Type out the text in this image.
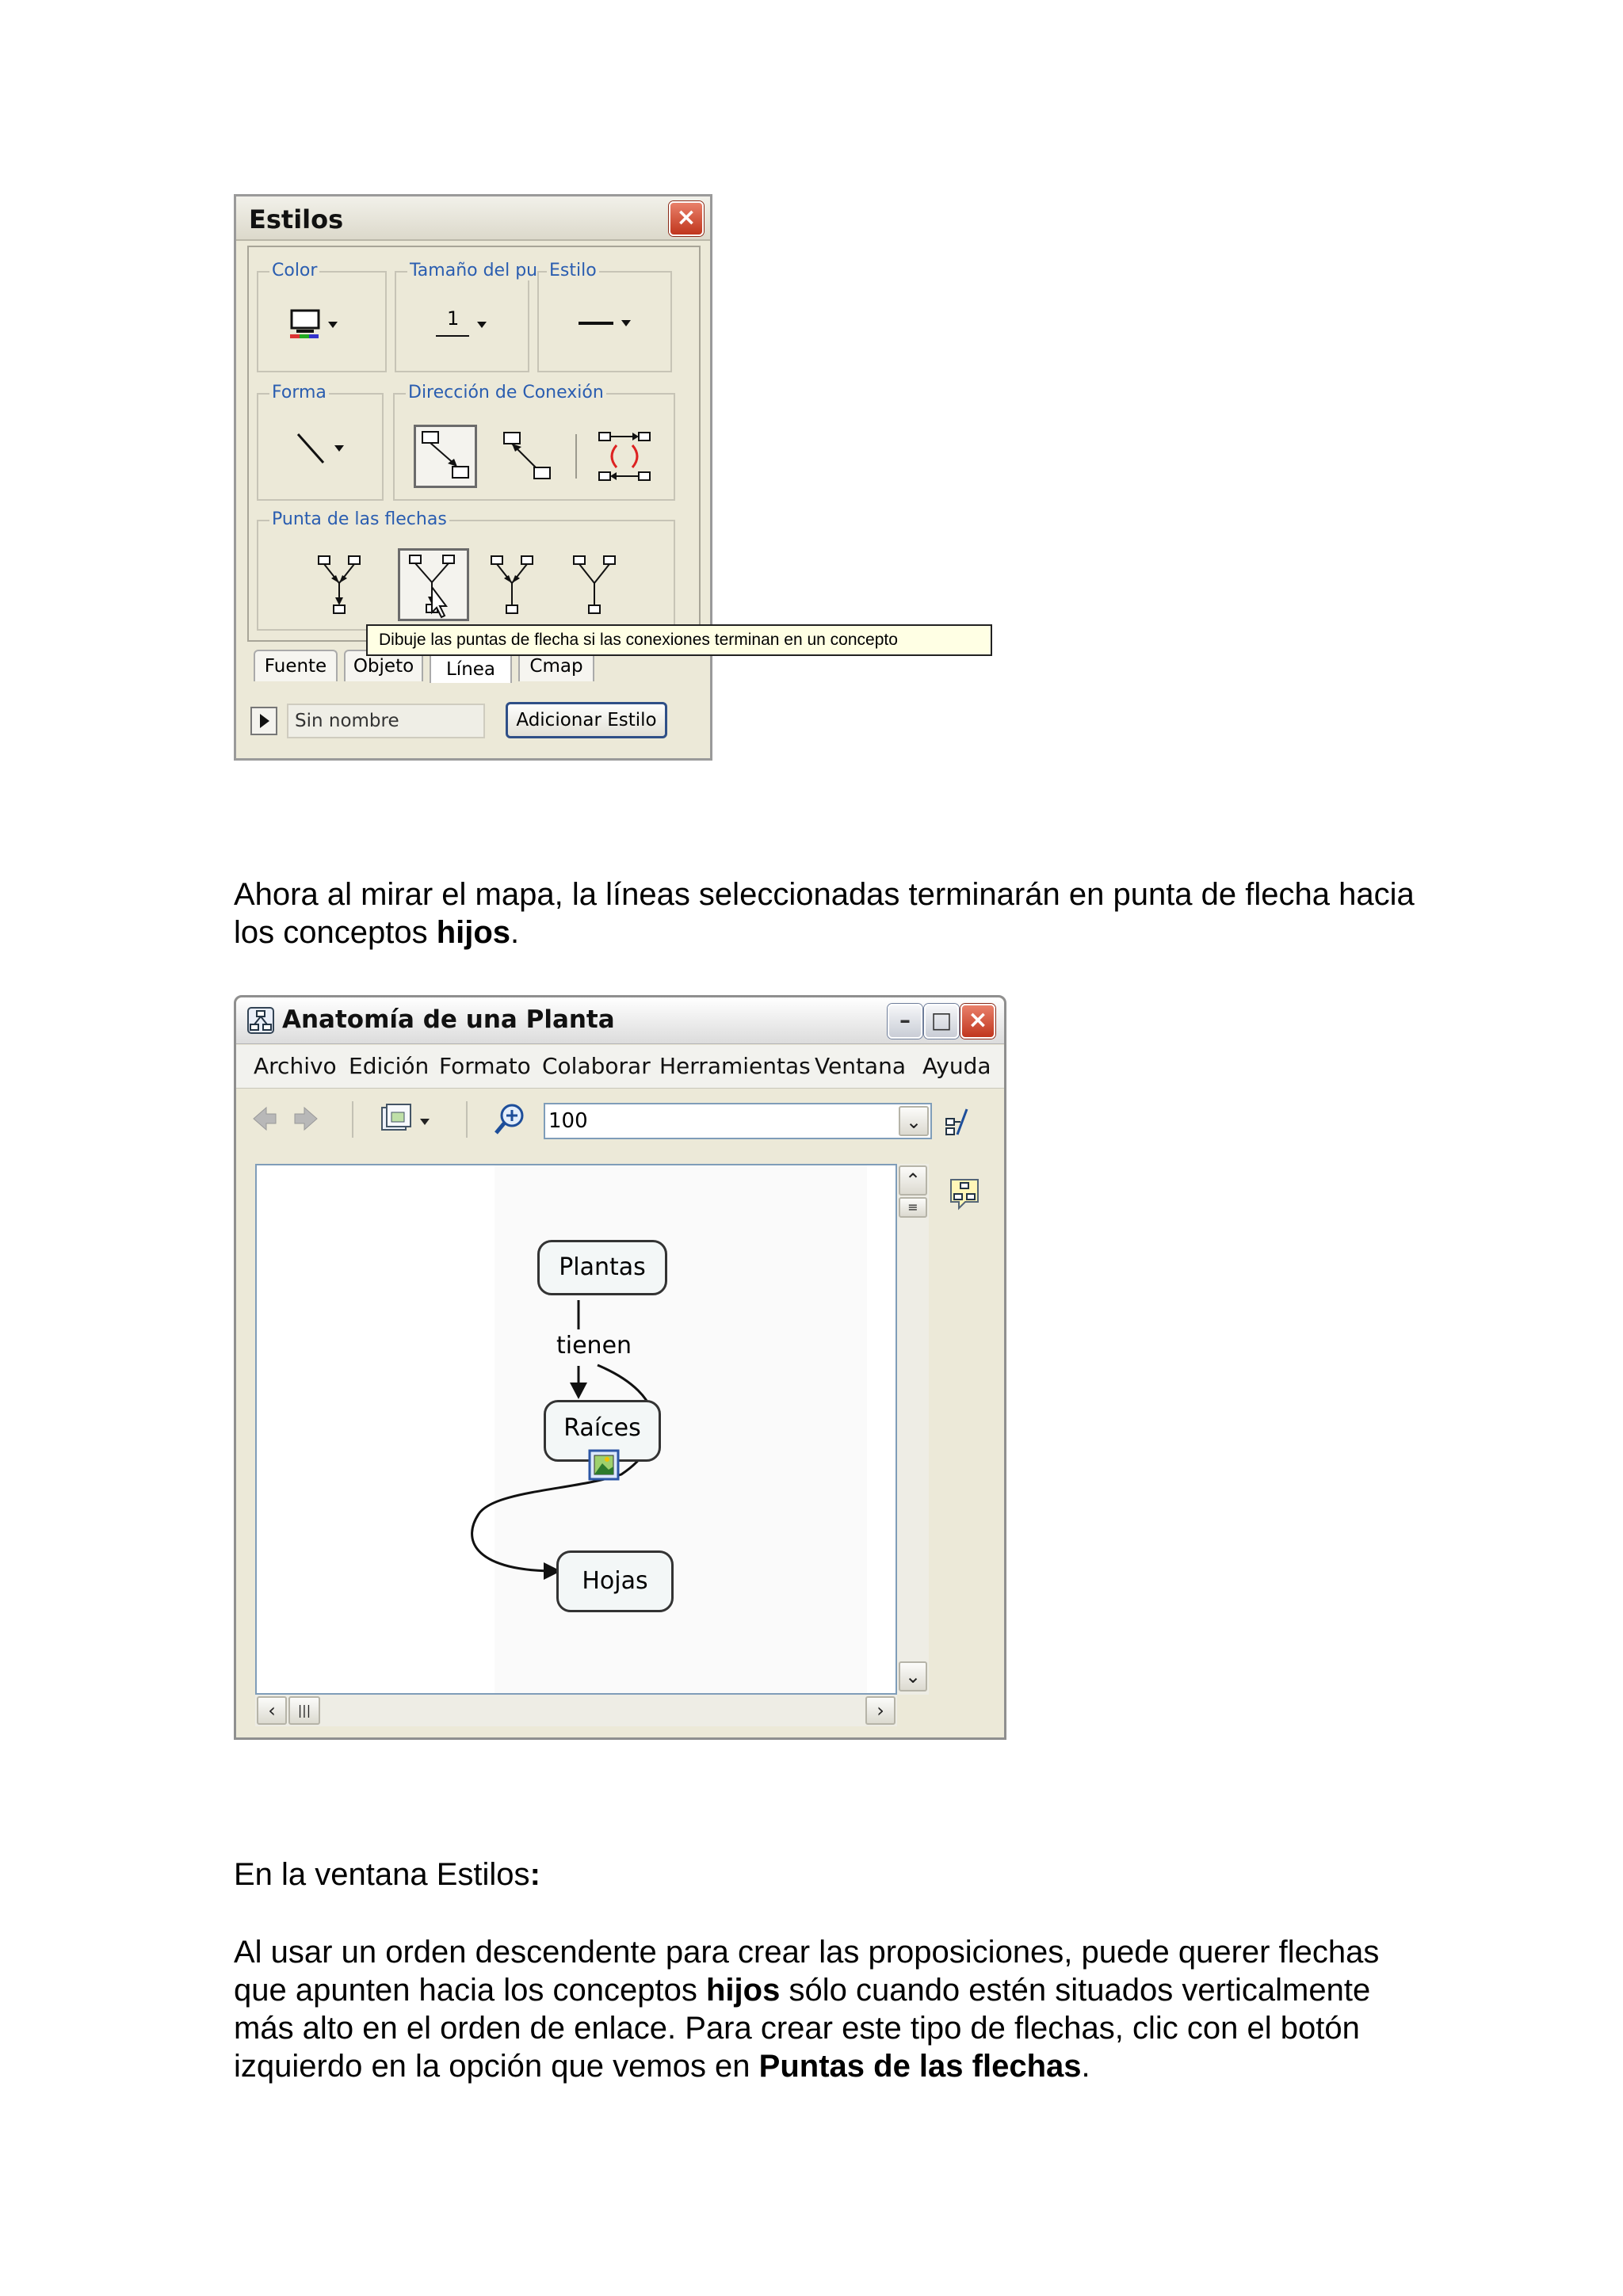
Estilos	×
Color	Tamaño del pu
1
Estilo
Forma	Dirección de Conexión
Punta de las flechas
Fuente	Objeto	Línea	Cmap
Sin nombre	Adicionar Estilo
Dibuje las puntas de flecha si las conexiones terminan en un concepto
Ahora al mirar el mapa, la líneas seleccionadas terminarán en punta de flecha hacia los conceptos hijos.
Anatomía de una Planta	– □ ×
Archivo Edición Formato Colaborar Herramientas Ventana Ayuda
100	⌄
Plantas
tienen
Raíces
Hojas
⌃
≡
⌄
‹	|||	›
En la ventana Estilos:
Al usar un orden descendente para crear las proposiciones, puede querer flechas que apunten hacia los conceptos hijos sólo cuando estén situados verticalmente más alto en el orden de enlace. Para crear este tipo de flechas, clic con el botón izquierdo en la opción que vemos en Puntas de las flechas.
